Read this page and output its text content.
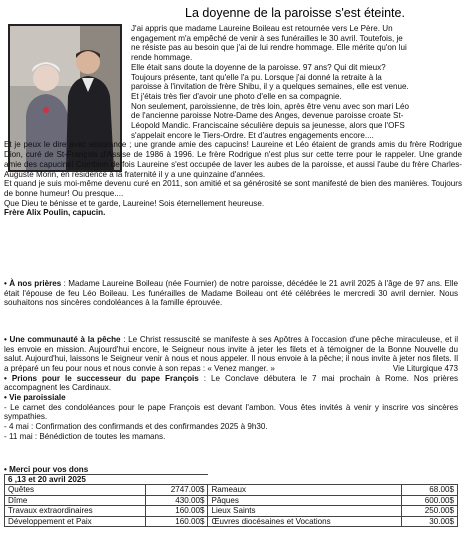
La doyenne de la paroisse s'est éteinte.

J'ai appris que madame Laureine Boileau est retournée vers Le Père. Un

engagement m'a empêché de venir à ses funérailles le 30 avril. Toutefois, je

ne résiste pas au besoin que j'ai de lui rendre hommage. Elle mérite qu'on lui

rende hommage.

Elle était sans doute la doyenne de la paroisse. 97 ans? Qui dit mieux?

Toujours présente, tant qu'elle l'a pu. Lorsque j'ai donné la retraite à la

paroisse à l'invitation de frère Shibu, il y a quelques semaines, elle est venue.

Et j'étais très fier d'avoir une photo d'elle en sa compagnie.

Non seulement, paroissienne, de très loin, après être venu avec son mari Léo

de l'ancienne paroisse Notre-Dame des Anges, devenue paroisse croate St-

Léopold Mandic. Franciscaine séculière depuis sa jeunesse, alors que l'OFS

s'appelait encore le Tiers-Ordre. Et d'autres engagements encore....

Et je peux le dire avec assurance ; une grande amie des capucins! Laureine et Léo étaient de grands amis du frère Rodrigue Dion, curé de St-François d'Assise de 1986 à 1996. Le frère Rodrigue n'est plus sur cette terre pour le rappeler. Une grande amie des capucins! Combien de fois Laureine s'est occupée de laver les aubes de la paroisse, et aussi l'aube du frère Charles-Auguste Morin, en résidence à la fraternité il y a une quinzaine d'années.

Et quand je suis moi-même devenu curé en 2011, son amitié et sa générosité se sont manifesté de bien des manières. Toujours de bonne humeur! Ou presque....

Que Dieu te bénisse et te garde, Laureine! Sois éternellement heureuse.

Frère Alix Poulin, capucin.

• À nos prières : Madame Laureine Boileau (née Fournier) de notre paroisse, décédée le 21 avril 2025 à l'âge de 97 ans. Elle était l'épouse de feu Léo Boileau. Les funérailles de Madame Boileau ont été célébrées le mercredi 30 avril dernier. Nous souhaitons nos sincères condoléances à la famille éprouvée.

• Une communauté à la pêche : Le Christ ressuscité se manifeste à ses Apôtres à l'occasion d'une pêche miraculeuse, et il les envoie en mission. Aujourd'hui encore, le Seigneur nous invite à jeter les filets et à témoigner de la Bonne Nouvelle du salut. Aujourd'hui, laissons le Seigneur venir à nous et nous appeler. Il nous envoie à la pêche; il nous invite à jeter nos filets. Il a préparé un feu pour nous et nous convie à son repas : « Venez manger. »	Vie Liturgique 473

• Prions pour le successeur du pape François : Le Conclave débutera le 7 mai prochain à Rome. Nos prières accompagnent les Cardinaux.

• Vie paroissiale

- Le carnet des condoléances pour le pape François est devant l'ambon. Vous êtes invités à venir y inscrire vos sincères sympathies.

- 4 mai : Confirmation des confirmands et des confirmandes 2025 à 9h30.

- 11 mai : Bénédiction de toutes les mamans.

• Merci pour vos dons
6 ,13 et 20 avril 2025			
Quêtes	2747.00$	Rameaux	68.00$
Dîme	430.00$	Pâques	600.00$
Travaux extraordinaires	160.00$	Lieux Saints	250.00$
Développement et Paix	160.00$	Œuvres diocésaines et Vocations	30.00$
